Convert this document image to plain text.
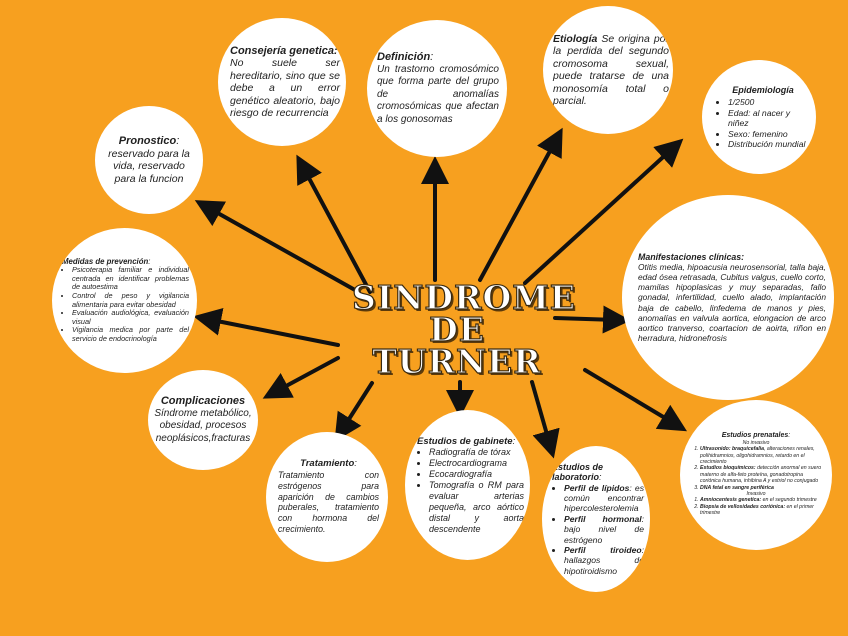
SINDROME
DE
TURNER
Consejería genetica:

No suele ser hereditario, sino que se debe a un error genético aleatorio, bajo riesgo de recurrencia

Definición:

Un trastorno cromosómico que forma parte del grupo de anomalías cromosómicas que afectan a los gonosomas

Etiología Se origina por la perdida del segundo cromosoma sexual, puede tratarse de una monosomía total o parcial.

Epidemiología
• 1/2500
• Edad: al nacer y niñez
• Sexo: femenino
• Distribución mundial
Pronostico:

reservado para la vida, reservado para la funcion

Medidas de prevención:
• Psicoterapia familiar e individual centrada en identificar problemas de autoestima
• Control de peso y vigilancia alimentaria para evitar obesidad
• Evaluación audiológica, evaluación visual
• Vigilancia medica por parte del servicio de endocrinología
Manifestaciones clínicas:

Otitis media, hipoacusia neurosensorial, talla baja, edad ósea retrasada, Cubitus valgus, cuello corto, mamilas hipoplasicas y muy separadas, fallo gonadal, infertilidad, cuello alado, implantación baja de cabello, linfedema de manos y pies, anomalías en valvula aortica, elongacion de arco aortico tranverso, coartacion de aoirta, riñon en herradura, hidronefrosis

Complicaciones

Síndrome metabólico, obesidad, procesos neoplásicos,fracturas

Tratamiento:

Tratamiento con estrógenos para aparición de cambios puberales, tratamiento con hormona del crecimiento.

Estudios de gabinete:
• Radiografía de tórax
• Electrocardiograma
• Ecocardiografía
• Tomografía o RM para evaluar arterias pequeña, arco aórtico distal y aorta descendente
Estudios de laboratorio:
• Perfil de lípidos: es común encontrar hipercolesterolemia
• Perfil hormonal: bajo nivel de estrógeno
• Perfil tiroideo: hallazgos de hipotiroidismo
Estudios prenatales:

No invasivo

1. Ultrasonido: braquicefalia, alteraciones renales, polihidramnios, oligohidramnios, retardo en el crecimiento
2. Estudios bioquímicos: detección anormal en suero materno de alfa-feto proteína, gonadotropina coriónica humana, inhibina A y estriol no conjugado
3. DNA fetal en sangre periférica

Invasivo

1. Amniocentesis genetica: en el segundo trimestre
2. Biopsia de vellosidades coriónica: en el primer trimestre
